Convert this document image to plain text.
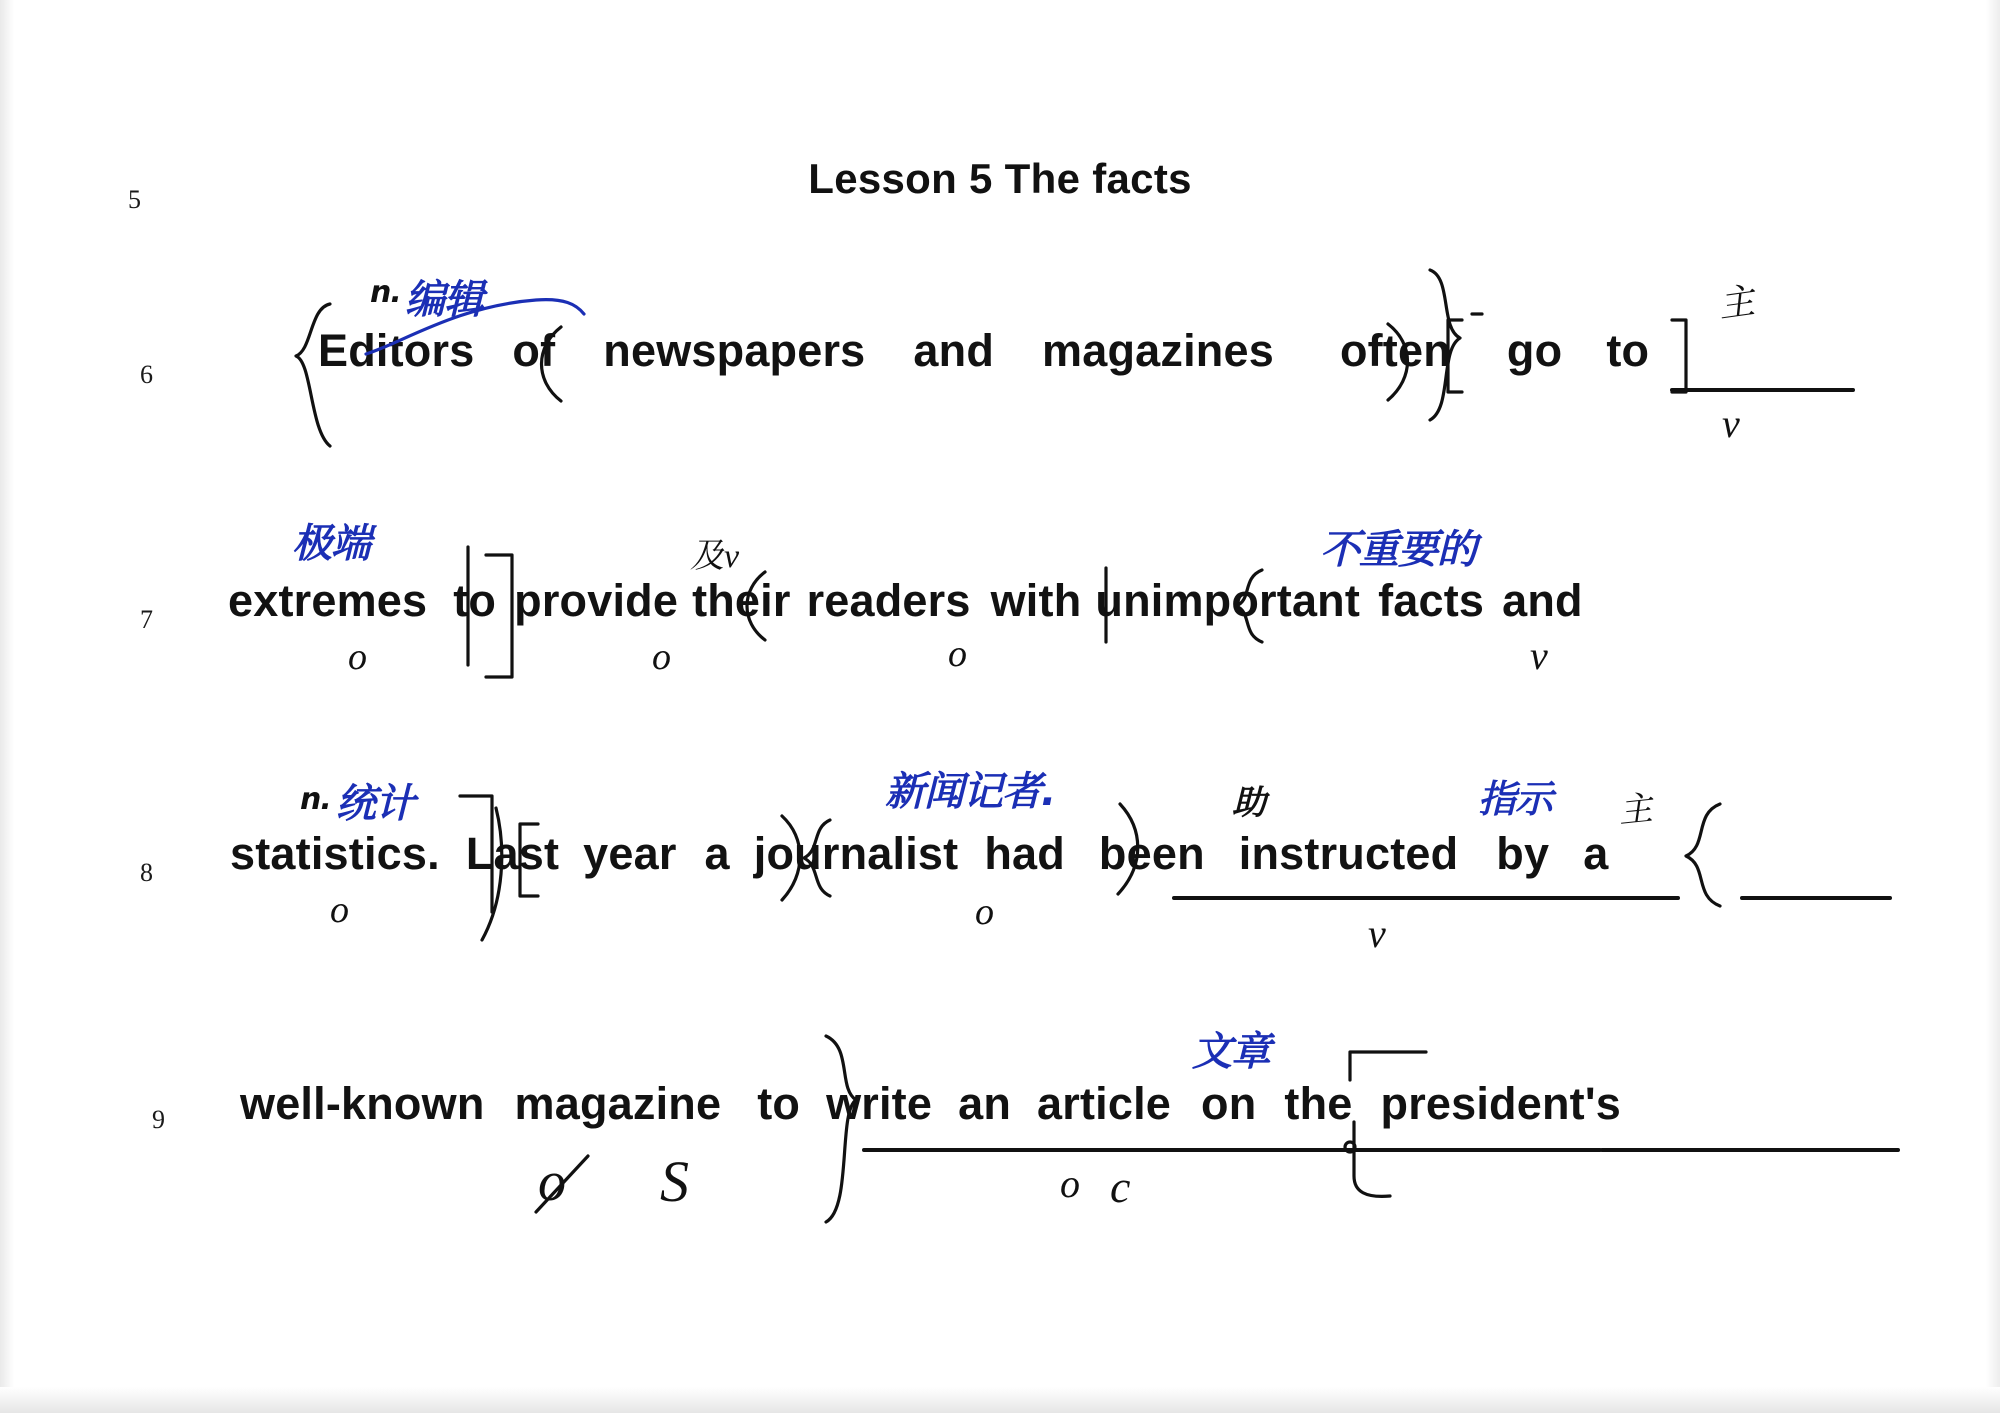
Lesson 5 The facts
5
6
7
8
9
Editors of newspapers and magazines often go to
n. 编辑	主
v
extremes to provide their readers with unimportant facts and
极端
o
及v
o	o
不重要的
v
statistics. Last year a journalist had been instructed by a
n. 统计
o
新闻记者.
o
助	指示 主
v
well-known magazine to write an article on the president's
文章
o c
o S
